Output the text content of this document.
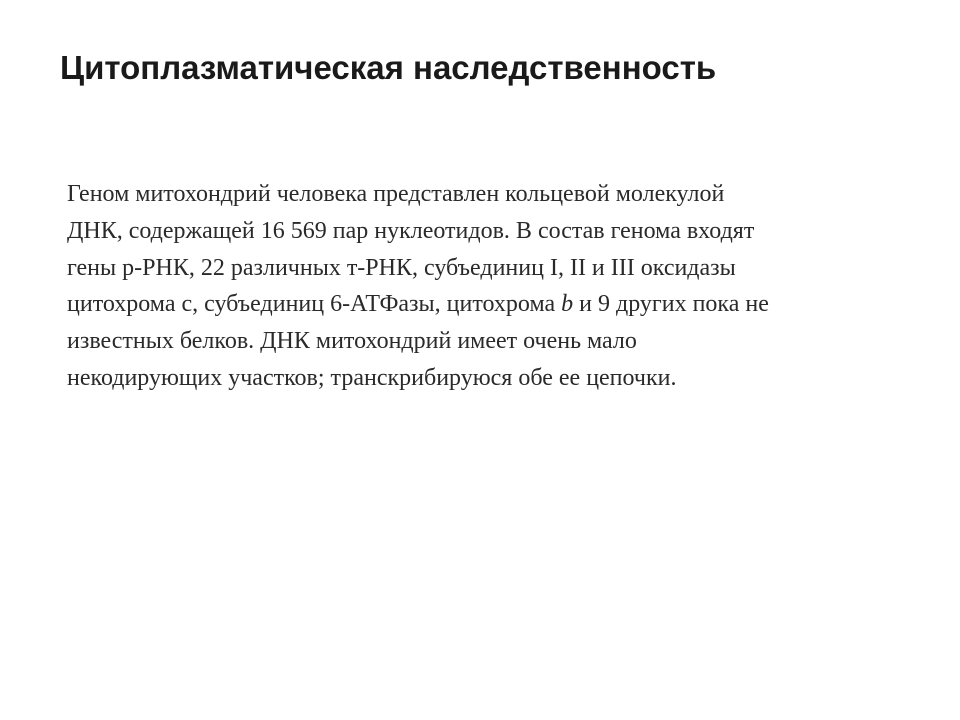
Цитоплазматическая наследственность
Геном митохондрий человека представлен кольцевой молекулой
ДНК, содержащей 16 569 пар нуклеотидов. В состав генома входят
гены р-РНК, 22 различных т-РНК, субъединиц I, II и III оксидазы
цитохрома с, субъединиц 6-АТФазы, цитохрома b и 9 других пока не
известных белков. ДНК митохондрий имеет очень мало
некодирующих участков; транскрибируюся обе ее цепочки.
